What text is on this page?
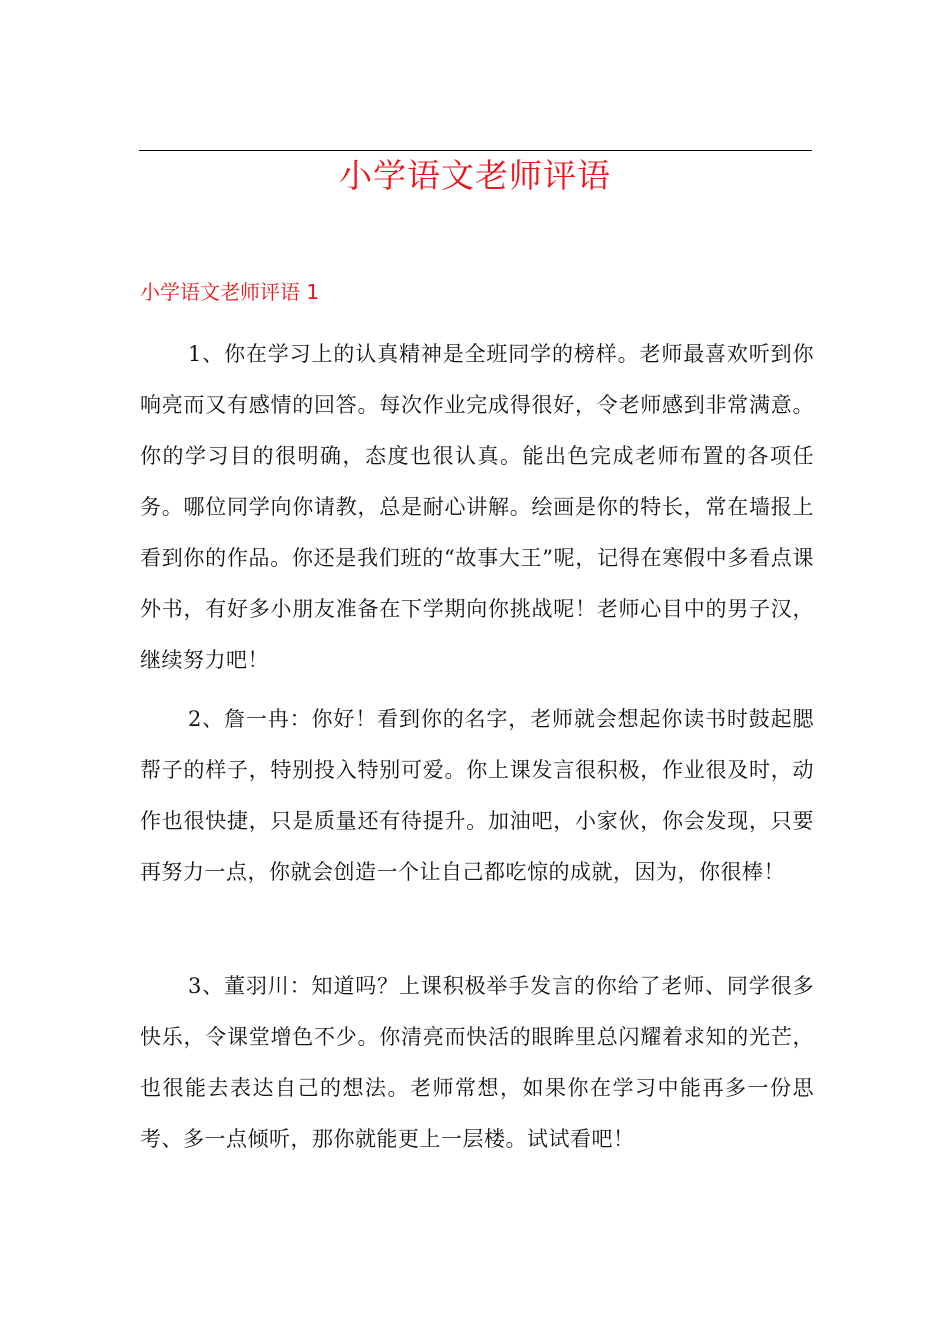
小学语文老师评语
小学语文老师评语 1

1、你在学习上的认真精神是全班同学的榜样。老师最喜欢听到你响亮而又有感情的回答。每次作业完成得很好，令老师感到非常满意。你的学习目的很明确，态度也很认真。能出色完成老师布置的各项任务。哪位同学向你请教，总是耐心讲解。绘画是你的特长，常在墙报上看到你的作品。你还是我们班的“故事大王”呢，记得在寒假中多看点课外书，有好多小朋友准备在下学期向你挑战呢！老师心目中的男子汉，继续努力吧！

2、詹一冉：你好！看到你的名字，老师就会想起你读书时鼓起腮帮子的样子，特别投入特别可爱。你上课发言很积极，作业很及时，动作也很快捷，只是质量还有待提升。加油吧，小家伙，你会发现，只要再努力一点，你就会创造一个让自己都吃惊的成就，因为，你很棒！

3、董羽川：知道吗？上课积极举手发言的你给了老师、同学很多快乐，令课堂增色不少。你清亮而快活的眼眸里总闪耀着求知的光芒，也很能去表达自己的想法。老师常想，如果你在学习中能再多一份思考、多一点倾听，那你就能更上一层楼。试试看吧！
